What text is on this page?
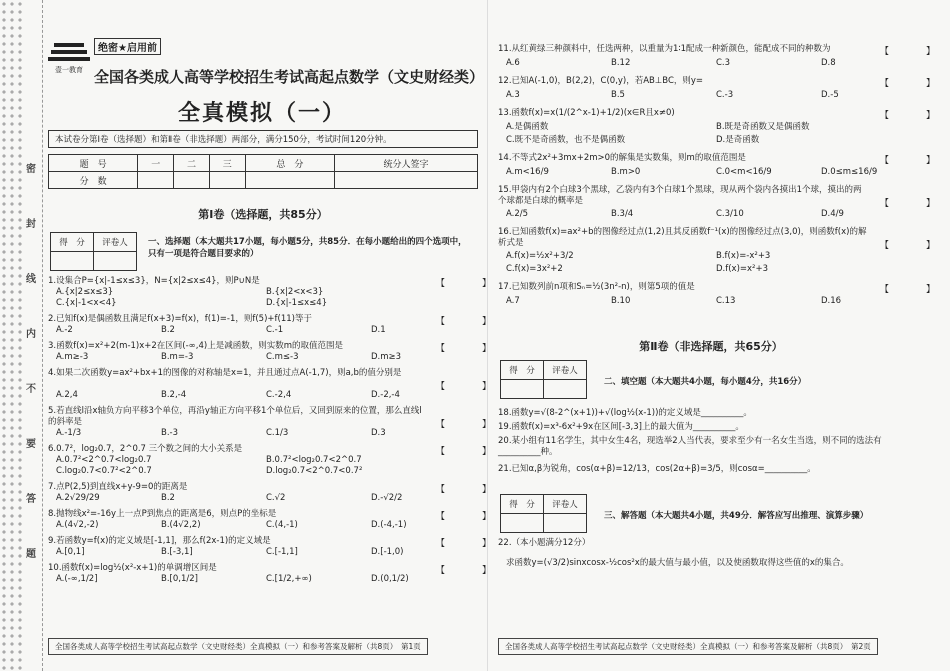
密
封
线
内
不
要
答
题
壹一教育
绝密★启用前
全国各类成人高等学校招生考试高起点数学（文史财经类）
全真模拟（一）
本试卷分第Ⅰ卷（选择题）和第Ⅱ卷（非选择题）两部分，满分150分，考试时间120分钟。
题　号	一	二	三	总　分	统分人签字
分　数					
第Ⅰ卷（选择题，共85分）
得　分	评卷人
	一、选择题（本大题共17小题，每小题5分，共85分．在每小题给出的四个选项中，只有一项是符合题目要求的）
1.设集合P={x|-1≤x≤3}，N={x|2≤x≤4}，则P∪N是	【　】
A.{x|2≤x≤3}	B.{x|2<x<3}
C.{x|-1<x<4}	D.{x|-1≤x≤4}
2.已知f(x)是偶函数且满足f(x+3)=f(x)，f(1)=-1，则f(5)+f(11)等于	【　】
A.-2	B.2	C.-1	D.1
3.函数f(x)=x²+2(m-1)x+2在区间(-∞,4)上是减函数，则实数m的取值范围是	【　】
A.m≥-3	B.m=-3	C.m≤-3	D.m≥3
4.如果二次函数y=ax²+bx+1的图像的对称轴是x=1，并且通过点A(-1,7)，则a,b的值分别是
【　】
A.2,4	B.2,-4	C.-2,4	D.-2,-4
5.若直线l沿x轴负方向平移3个单位，再沿y轴正方向平移1个单位后，又回到原来的位置，那么直线l的斜率是	【　】
A.-1/3	B.-3	C.1/3	D.3
6.0.7²，log₂0.7，2^0.7 三个数之间的大小关系是	【　】
A.0.7²<2^0.7<log₂0.7	B.0.7²<log₂0.7<2^0.7
C.log₂0.7<0.7²<2^0.7	D.log₂0.7<2^0.7<0.7²
7.点P(2,5)到直线x+y-9=0的距离是	【　】
A.2√29/29	B.2	C.√2	D.-√2/2
8.抛物线x²=-16y上一点P到焦点的距离是6，则点P的坐标是	【　】
A.(4√2,-2)	B.(4√2,2)	C.(4,-1)	D.(-4,-1)
9.若函数y=f(x)的定义域是[-1,1]，那么f(2x-1)的定义域是	【　】
A.[0,1]	B.[-3,1]	C.[-1,1]	D.[-1,0)
10.函数f(x)=log½(x²-x+1)的单调增区间是	【　】
A.(-∞,1/2]	B.[0,1/2]	C.[1/2,+∞)	D.(0,1/2)
全国各类成人高等学校招生考试高起点数学（文史财经类）全真模拟（一）和参考答案及解析（共8页）　第1页
11.从红黄绿三种颜料中，任选两种，以重量为1∶1配成一种新颜色，能配成不同的种数为	【　】
A.6	B.12	C.3	D.8
12.已知A(-1,0)，B(2,2)，C(0,y)，若AB⊥BC，则y=	【　】
A.3	B.5	C.-3	D.-5
13.函数f(x)=x(1/(2^x-1)+1/2)(x∈R且x≠0)	【　】
A.是偶函数	B.既是奇函数又是偶函数
C.既不是奇函数，也不是偶函数	D.是奇函数
14.不等式2x²+3mx+2m>0的解集是实数集，则m的取值范围是	【　】
A.m<16/9	B.m>0	C.0<m<16/9	D.0≤m≤16/9
15.甲袋内有2个白球3个黑球，乙袋内有3个白球1个黑球，现从两个袋内各摸出1个球，摸出的两个球都是白球的概率是	【　】
A.2/5	B.3/4	C.3/10	D.4/9
16.已知函数f(x)=ax²+b的图像经过点(1,2)且其反函数f⁻¹(x)的图像经过点(3,0)，则函数f(x)的解析式是	【　】
A.f(x)=½x²+3/2	B.f(x)=-x²+3
C.f(x)=3x²+2	D.f(x)=x²+3
17.已知数列前n项和Sₙ=½(3n²-n)，则第5项的值是	【　】
A.7	B.10	C.13	D.16
第Ⅱ卷（非选择题，共65分）
得　分	评卷人

二、填空题（本大题共4小题，每小题4分，共16分）
18.函数y=√(8-2^(x+1))+√(log½(x-1))的定义域是__________。
19.函数f(x)=x³-6x²+9x在区间[-3,3]上的最大值为__________。
20.某小组有11名学生，其中女生4名，现选举2人当代表，要求至少有一名女生当选，则不同的选法有__________种。
21.已知α,β为锐角，cos(α+β)=12/13，cos(2α+β)=3/5，则cosα=__________。
得　分	评卷人

三、解答题（本大题共4小题，共49分．解答应写出推理、演算步骤）
22.（本小题满分12分）
求函数y=(√3/2)sinxcosx-½cos²x的最大值与最小值，以及使函数取得这些值的x的集合。
全国各类成人高等学校招生考试高起点数学（文史财经类）全真模拟（一）和参考答案及解析（共8页）　第2页
